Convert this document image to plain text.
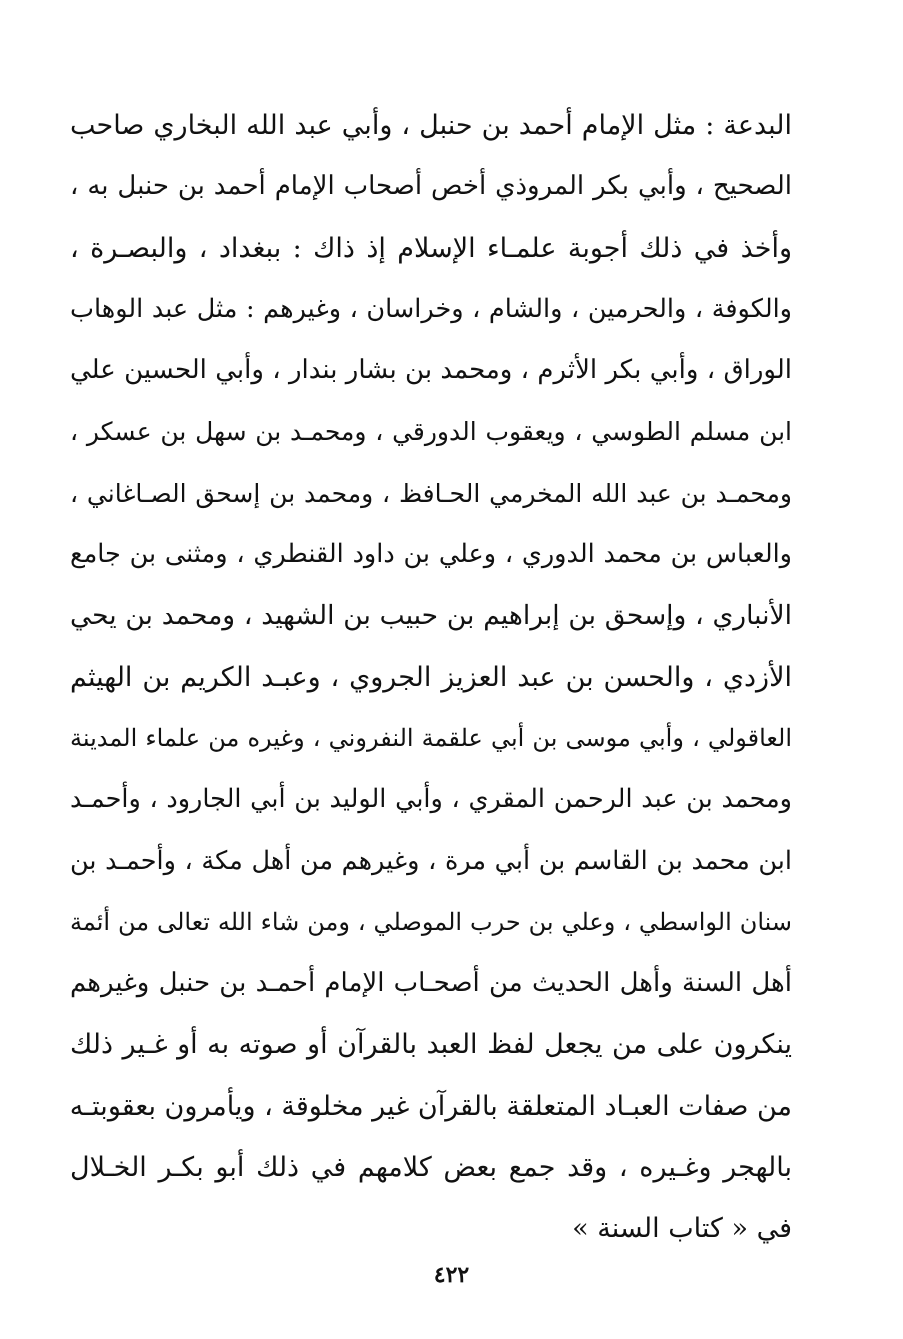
البدعة : مثل الإمام أحمد بن حنبل ، وأبي عبد الله البخاري صاحب
الصحيح ، وأبي بكر المروذي أخص أصحاب الإمام أحمد بن حنبل به ،
وأخذ في ذلك أجوبة علمـاء الإسلام إذ ذاك : ببغداد ، والبصـرة ،
والكوفة ، والحرمين ، والشام ، وخراسان ، وغيرهم : مثل عبد الوهاب
الوراق ، وأبي بكر الأثرم ، ومحمد بن بشار بندار ، وأبي الحسين علي
ابن مسلم الطوسي ، ويعقوب الدورقي ، ومحمـد بن سهل بن عسكر ،
ومحمـد بن عبد الله المخرمي الحـافظ ، ومحمد بن إسحق الصـاغاني ،
والعباس بن محمد الدوري ، وعلي بن داود القنطري ، ومثنى بن جامع
الأنباري ، وإسحق بن إبراهيم بن حبيب بن الشهيد ، ومحمد بن يحي
الأزدي ، والحسن بن عبد العزيز الجروي ، وعبـد الكريم بن الهيثم
العاقولي ، وأبي موسى بن أبي علقمة النفروني ، وغيره من علماء المدينة
ومحمد بن عبد الرحمن المقري ، وأبي الوليد بن أبي الجارود ، وأحمـد
ابن محمد بن القاسم بن أبي مرة ، وغيرهم من أهل مكة ، وأحمـد بن
سنان الواسطي ، وعلي بن حرب الموصلي ، ومن شاء الله تعالى من أئمة
أهل السنة وأهل الحديث من أصحـاب الإمام أحمـد بن حنبل وغيرهم
ينكرون على من يجعل لفظ العبد بالقرآن أو صوته به أو غـير ذلك
من صفات العبـاد المتعلقة بالقرآن غير مخلوقة ، ويأمرون بعقوبتـه
بالهجر وغـيره ، وقد جمع بعض كلامهم في ذلك أبو بكـر الخـلال
في « كتاب السنة »
٤٢٢
